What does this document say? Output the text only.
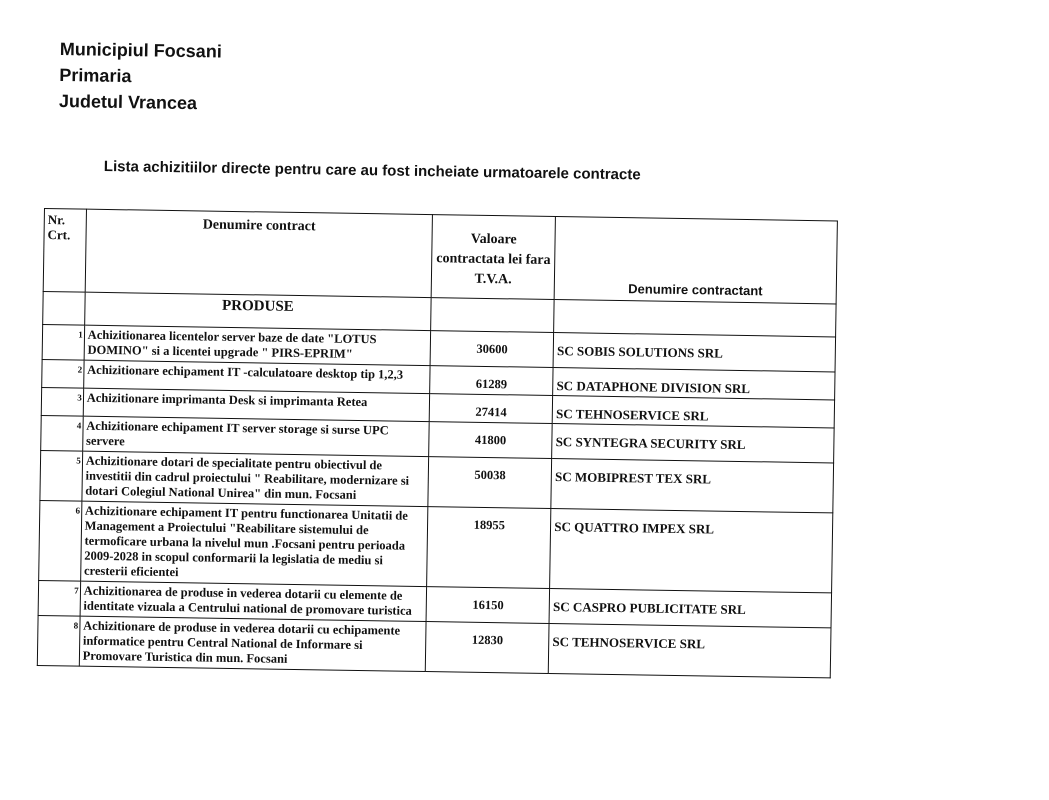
Municipiul Focsani
Primaria
Judetul Vrancea
Lista achizitiilor directe pentru care au fost incheiate urmatoarele contracte
Nr. Crt.	Denumire contract	Valoare contractata lei fara T.V.A.	Denumire contractant
	PRODUSE		
1	Achizitionarea licentelor server baze de date "LOTUS DOMINO" si a licentei upgrade " PIRS-EPRIM"	30600	SC SOBIS SOLUTIONS SRL
2	Achizitionare echipament IT -calculatoare desktop tip 1,2,3	61289	SC DATAPHONE DIVISION SRL
3	Achizitionare imprimanta Desk si imprimanta Retea	27414	SC TEHNOSERVICE SRL
4	Achizitionare echipament IT server storage si surse UPC servere	41800	SC SYNTEGRA SECURITY SRL
5	Achizitionare dotari de specialitate pentru obiectivul de investitii din cadrul proiectului " Reabilitare, modernizare si dotari Colegiul National Unirea" din mun. Focsani	50038	SC MOBIPREST TEX SRL
6	Achizitionare echipament IT pentru functionarea Unitatii de Management a Proiectului "Reabilitare sistemului de termoficare urbana la nivelul mun .Focsani pentru perioada 2009-2028 in scopul conformarii la legislatia de mediu si cresterii eficientei	18955	SC QUATTRO IMPEX SRL
7	Achizitionarea de produse in vederea dotarii cu elemente de identitate vizuala a Centrului national de promovare turistica	16150	SC CASPRO PUBLICITATE SRL
8	Achizitionare de produse in vederea dotarii cu echipamente informatice pentru Central National de Informare si Promovare Turistica din mun. Focsani	12830	SC TEHNOSERVICE SRL
